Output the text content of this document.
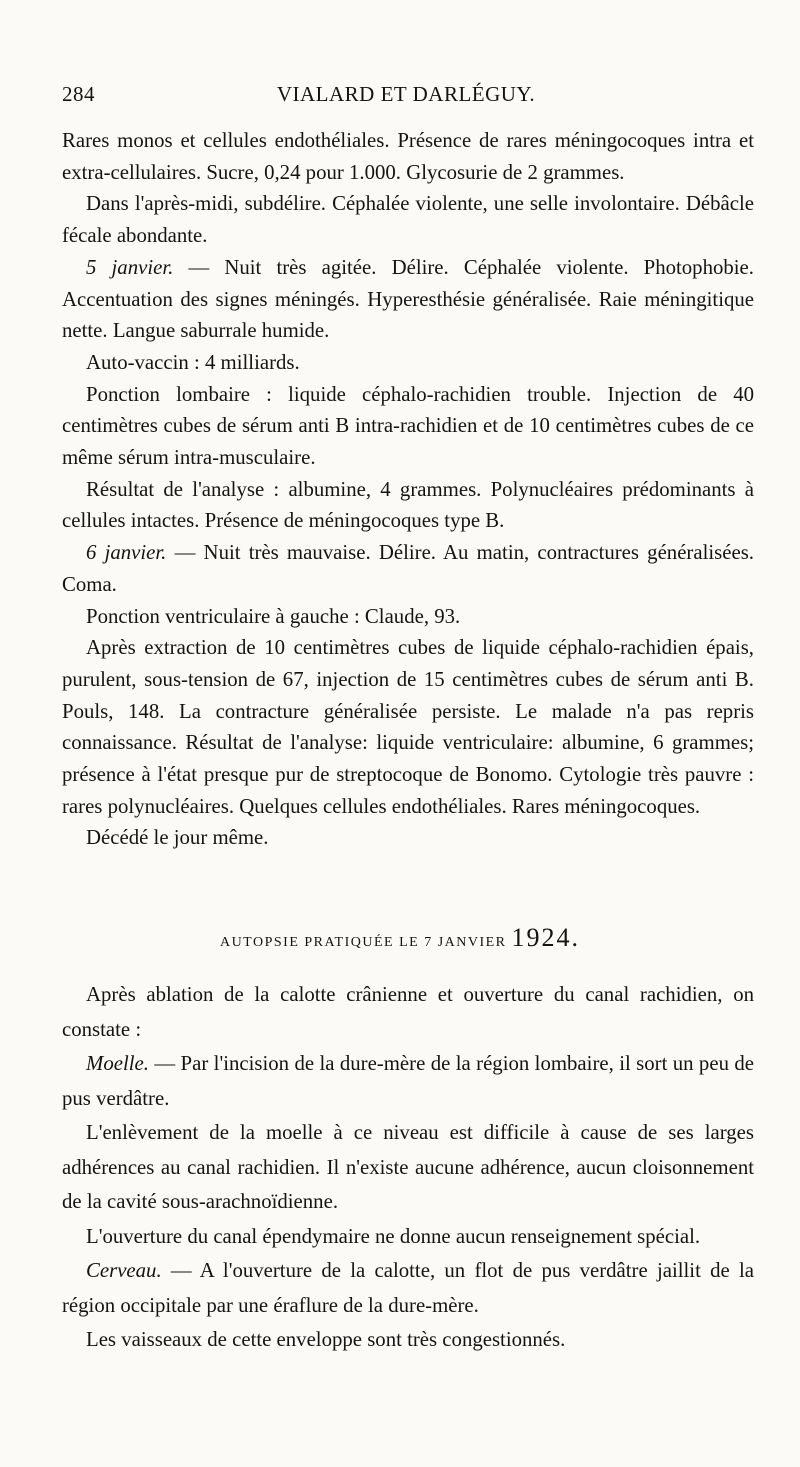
284	VIALARD ET DARLÉGUY.

Rares monos et cellules endothéliales. Présence de rares méningocoques intra et extra-cellulaires. Sucre, 0,24 pour 1.000. Glycosurie de 2 grammes.

Dans l'après-midi, subdélire. Céphalée violente, une selle involontaire. Débâcle fécale abondante.

5 janvier. — Nuit très agitée. Délire. Céphalée violente. Photophobie. Accentuation des signes méningés. Hyperesthésie généralisée. Raie méningitique nette. Langue saburrale humide.

Auto-vaccin : 4 milliards.

Ponction lombaire : liquide céphalo-rachidien trouble. Injection de 40 centimètres cubes de sérum anti B intra-rachidien et de 10 centimètres cubes de ce même sérum intra-musculaire.

Résultat de l'analyse : albumine, 4 grammes. Polynucléaires prédominants à cellules intactes. Présence de méningocoques type B.

6 janvier. — Nuit très mauvaise. Délire. Au matin, contractures généralisées. Coma.

Ponction ventriculaire à gauche : Claude, 93.

Après extraction de 10 centimètres cubes de liquide céphalo-rachidien épais, purulent, sous-tension de 67, injection de 15 centimètres cubes de sérum anti B. Pouls, 148. La contracture généralisée persiste. Le malade n'a pas repris connaissance. Résultat de l'analyse: liquide ventriculaire: albumine, 6 grammes; présence à l'état presque pur de streptocoque de Bonomo. Cytologie très pauvre : rares polynucléaires. Quelques cellules endothéliales. Rares méningocoques.

Décédé le jour même.

AUTOPSIE PRATIQUÉE LE 7 JANVIER 1924.

Après ablation de la calotte crânienne et ouverture du canal rachidien, on constate :

Moelle. — Par l'incision de la dure-mère de la région lombaire, il sort un peu de pus verdâtre.

L'enlèvement de la moelle à ce niveau est difficile à cause de ses larges adhérences au canal rachidien. Il n'existe aucune adhérence, aucun cloisonnement de la cavité sous-arachnoïdienne.

L'ouverture du canal épendymaire ne donne aucun renseignement spécial.

Cerveau. — A l'ouverture de la calotte, un flot de pus verdâtre jaillit de la région occipitale par une éraflure de la dure-mère.

Les vaisseaux de cette enveloppe sont très congestionnés.
